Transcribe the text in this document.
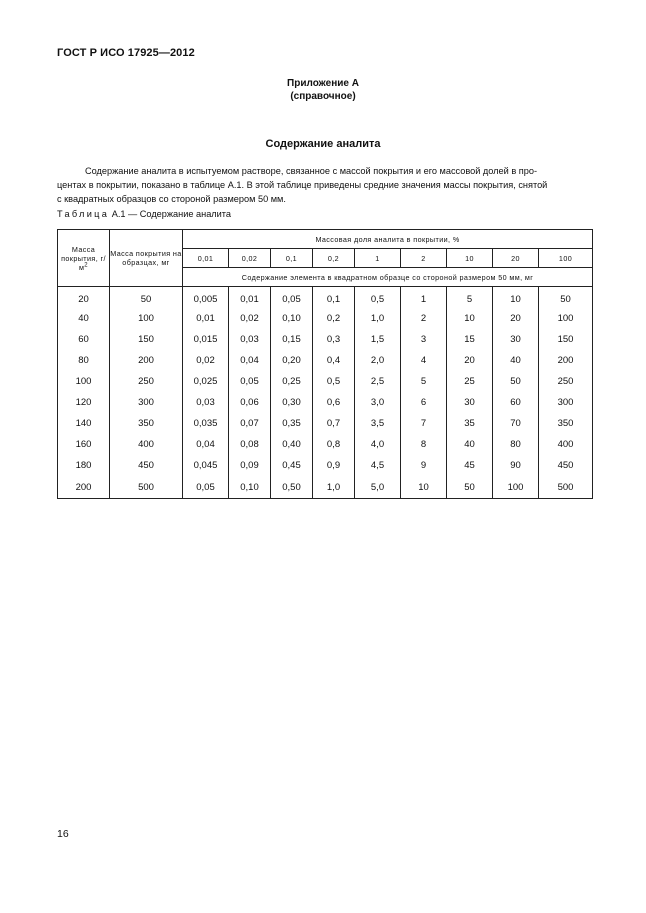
ГОСТ Р ИСО 17925—2012
Приложение А
(справочное)
Содержание аналита

Содержание аналита в испытуемом растворе, связанное с массой покрытия и его массовой долей в про-
центах в покрытии, показано в таблице А.1. В этой таблице приведены средние значения массы покрытия, снятой
с квадратных образцов со стороной размером 50 мм.

Таблица А.1 — Содержание аналита
Масса покрытия, $г/м^2$	Масса покрытия на образцах, мг	Массовая доля аналита в покрытии, %								
		0,01	0,02	0,1	0,2	1	2	10	20	100
		Содержание элемента в квадратном образце со стороной размером 50 мм, мг								
20	50	0,005	0,01	0,05	0,1	0,5	1	5	10	50
40	100	0,01	0,02	0,10	0,2	1,0	2	10	20	100
60	150	0,015	0,03	0,15	0,3	1,5	3	15	30	150
80	200	0,02	0,04	0,20	0,4	2,0	4	20	40	200
100	250	0,025	0,05	0,25	0,5	2,5	5	25	50	250
120	300	0,03	0,06	0,30	0,6	3,0	6	30	60	300
140	350	0,035	0,07	0,35	0,7	3,5	7	35	70	350
160	400	0,04	0,08	0,40	0,8	4,0	8	40	80	400
180	450	0,045	0,09	0,45	0,9	4,5	9	45	90	450
200	500	0,05	0,10	0,50	1,0	5,0	10	50	100	500
16
